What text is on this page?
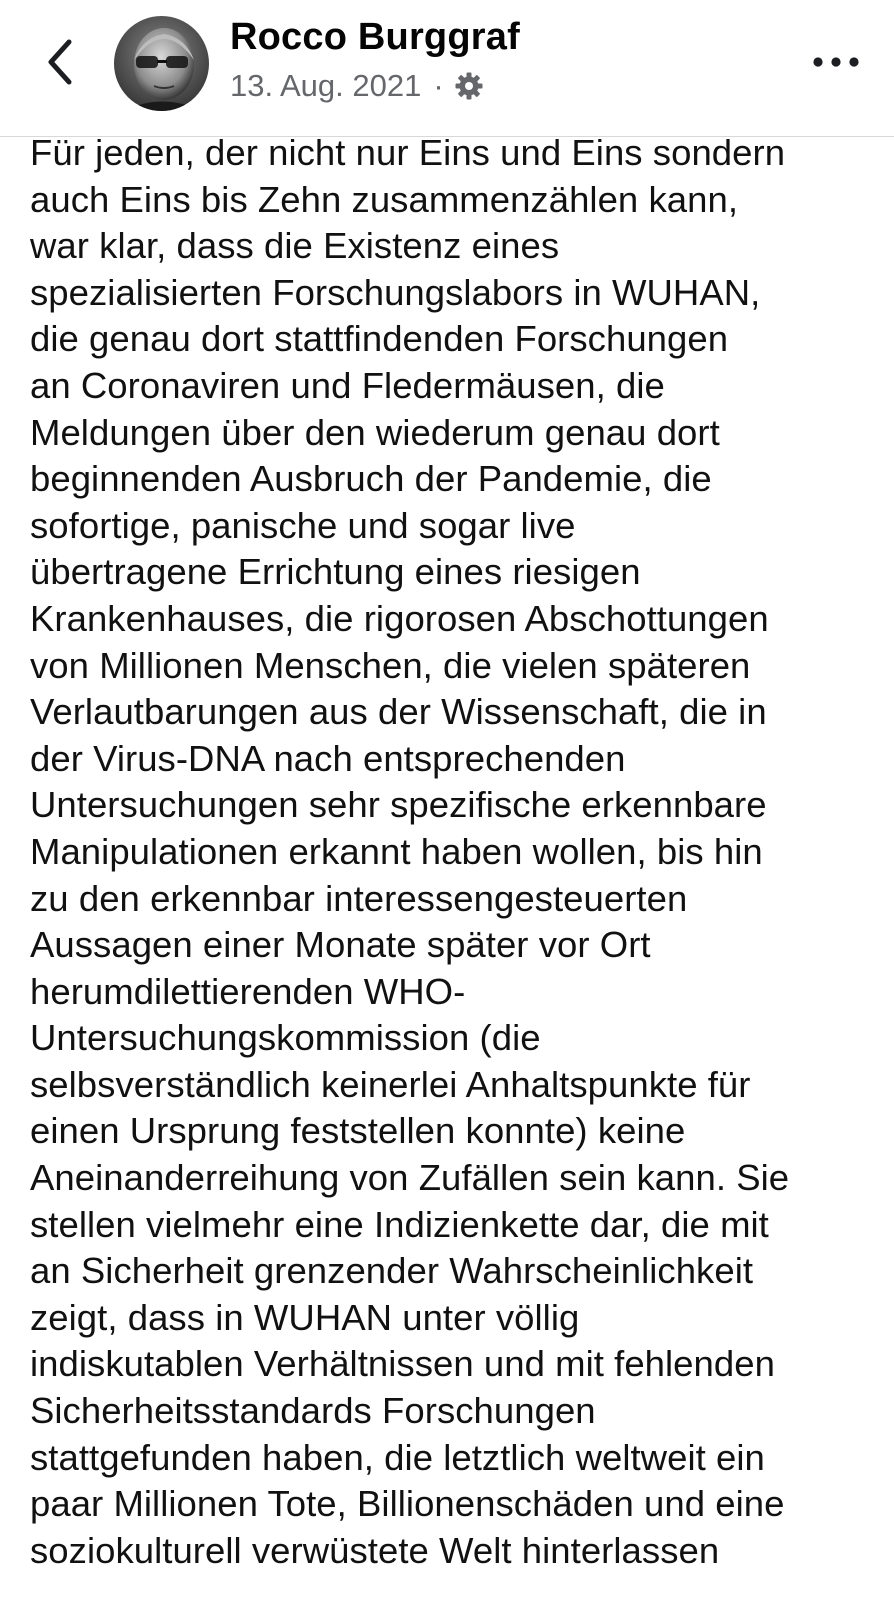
Rocco Burggraf
13. Aug. 2021 ·
Für jeden, der nicht nur Eins und Eins sondern
auch Eins bis Zehn zusammenzählen kann,
war klar, dass die Existenz eines
spezialisierten Forschungslabors in WUHAN,
die genau dort stattfindenden Forschungen
an Coronaviren und Fledermäusen, die
Meldungen über den wiederum genau dort
beginnenden Ausbruch der Pandemie, die
sofortige, panische und sogar live
übertragene Errichtung eines riesigen
Krankenhauses, die rigorosen Abschottungen
von Millionen Menschen, die vielen späteren
Verlautbarungen aus der Wissenschaft, die in
der Virus-DNA nach entsprechenden
Untersuchungen sehr spezifische erkennbare
Manipulationen erkannt haben wollen, bis hin
zu den erkennbar interessengesteuerten
Aussagen einer Monate später vor Ort
herumdilettierenden WHO-
Untersuchungskommission (die
selbsverständlich keinerlei Anhaltspunkte für
einen Ursprung feststellen konnte) keine
Aneinanderreihung von Zufällen sein kann. Sie
stellen vielmehr eine Indizienkette dar, die mit
an Sicherheit grenzender Wahrscheinlichkeit
zeigt, dass in WUHAN unter völlig
indiskutablen Verhältnissen und mit fehlenden
Sicherheitsstandards Forschungen
stattgefunden haben, die letztlich weltweit ein
paar Millionen Tote, Billionenschäden und eine
soziokulturell verwüstete Welt hinterlassen
